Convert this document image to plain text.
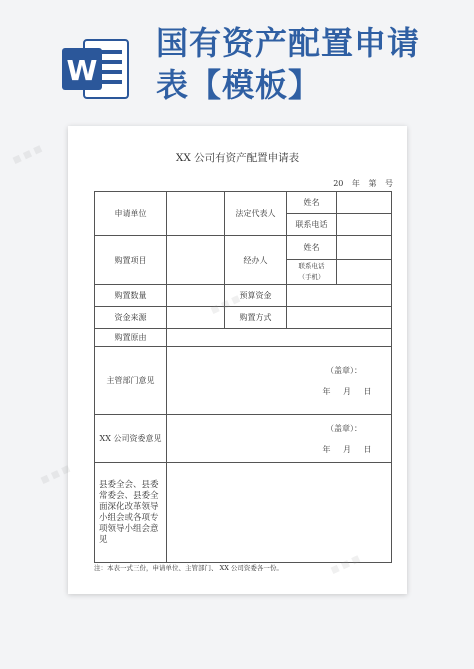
W
国有资产配置申请
表【模板】
XX 公司有资产配置申请表
20 年 第 号
申请单位		法定代表人	姓名	
			联系电话	
购置项目		经办人	姓名	

			联系电话
（手机）	

购置数量		预算资金		
资金来源		购置方式		
购置原由				
主管部门意见	（盖章）：
年 月 日			

XX 公司资委意见	（盖章）：
年 月 日			

县委全会、县委常委会、县委全面深化改革领导小组会或各项专项领导小组会意见				
注：本表一式三份，申请单位、主管部门、 XX 公司资委各一份。
■ ■ ■
■ ■ ■
